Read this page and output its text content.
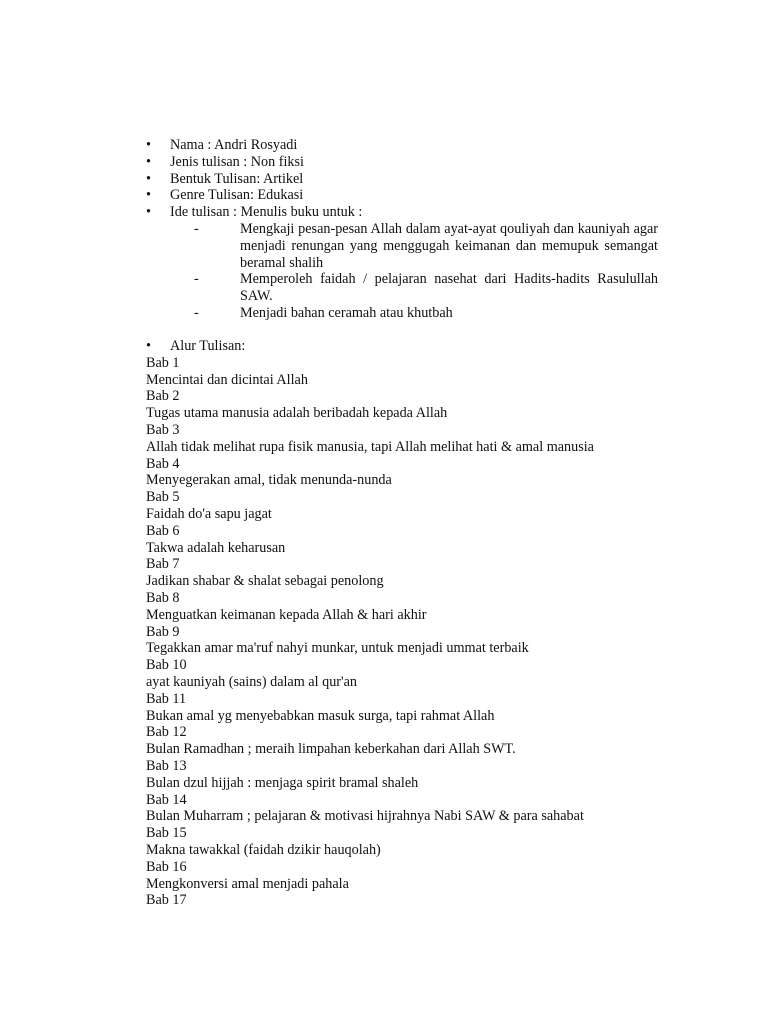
•	Nama : Andri Rosyadi
•	Jenis tulisan : Non fiksi
•	Bentuk Tulisan: Artikel
•	Genre Tulisan: Edukasi
•	Ide tulisan : Menulis buku untuk :
-	Mengkaji pesan-pesan Allah dalam ayat-ayat qouliyah dan kauniyah agar menjadi renungan yang menggugah keimanan dan memupuk semangat beramal shalih
-	Memperoleh faidah / pelajaran nasehat dari Hadits-hadits Rasulullah SAW.
-	Menjadi bahan ceramah atau khutbah
•	Alur Tulisan:
Bab 1
Mencintai dan dicintai Allah
Bab 2
Tugas utama manusia adalah beribadah kepada Allah
Bab 3
Allah tidak melihat rupa fisik manusia, tapi Allah melihat hati & amal manusia
Bab 4
Menyegerakan amal, tidak menunda-nunda
Bab 5
Faidah do'a sapu jagat
Bab 6
Takwa adalah keharusan
Bab 7
Jadikan shabar & shalat sebagai penolong
Bab 8
Menguatkan keimanan kepada Allah & hari akhir
Bab 9
Tegakkan amar ma'ruf nahyi munkar, untuk menjadi ummat terbaik
Bab 10
ayat kauniyah (sains) dalam al qur'an
Bab 11
Bukan amal yg menyebabkan masuk surga, tapi rahmat Allah
Bab 12
Bulan Ramadhan ; meraih limpahan keberkahan dari Allah SWT.
Bab 13
Bulan dzul hijjah : menjaga spirit bramal shaleh
Bab 14
Bulan Muharram ; pelajaran & motivasi hijrahnya Nabi SAW & para sahabat
Bab 15
Makna tawakkal (faidah dzikir hauqolah)
Bab 16
Mengkonversi amal menjadi pahala
Bab 17
